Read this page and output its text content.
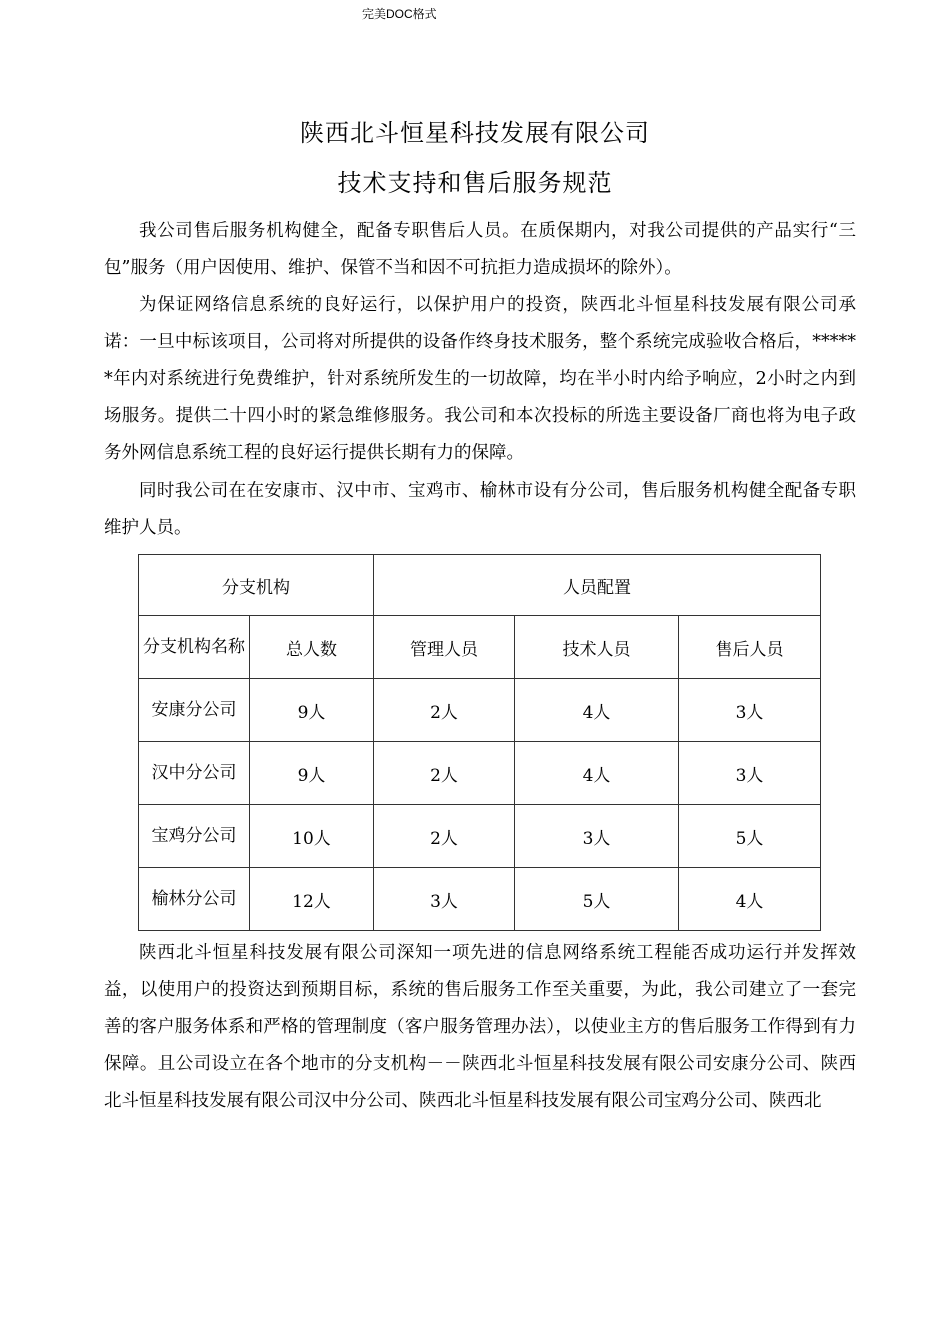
完美DOC格式
陕西北斗恒星科技发展有限公司
技术支持和售后服务规范
我公司售后服务机构健全，配备专职售后人员。在质保期内，对我公司提供的产品实行“三包”服务（用户因使用、维护、保管不当和因不可抗拒力造成损坏的除外）。
为保证网络信息系统的良好运行，以保护用户的投资，陕西北斗恒星科技发展有限公司承诺：一旦中标该项目，公司将对所提供的设备作终身技术服务，整个系统完成验收合格后，******年内对系统进行免费维护，针对系统所发生的一切故障，均在半小时内给予响应，2小时之内到场服务。提供二十四小时的紧急维修服务。我公司和本次投标的所选主要设备厂商也将为电子政务外网信息系统工程的良好运行提供长期有力的保障。
同时我公司在在安康市、汉中市、宝鸡市、榆林市设有分公司，售后服务机构健全配备专职维护人员。
分支机构		人员配置		
分支机构名称	总人数	管理人员	技术人员	售后人员
安康分公司	9人	2人	4人	3人
汉中分公司	9人	2人	4人	3人
宝鸡分公司	10人	2人	3人	5人
榆林分公司	12人	3人	5人	4人
陕西北斗恒星科技发展有限公司深知一项先进的信息网络系统工程能否成功运行并发挥效益，以使用户的投资达到预期目标，系统的售后服务工作至关重要，为此，我公司建立了一套完善的客户服务体系和严格的管理制度（客户服务管理办法），以使业主方的售后服务工作得到有力保障。且公司设立在各个地市的分支机构－－陕西北斗恒星科技发展有限公司安康分公司、陕西北斗恒星科技发展有限公司汉中分公司、陕西北斗恒星科技发展有限公司宝鸡分公司、陕西北
